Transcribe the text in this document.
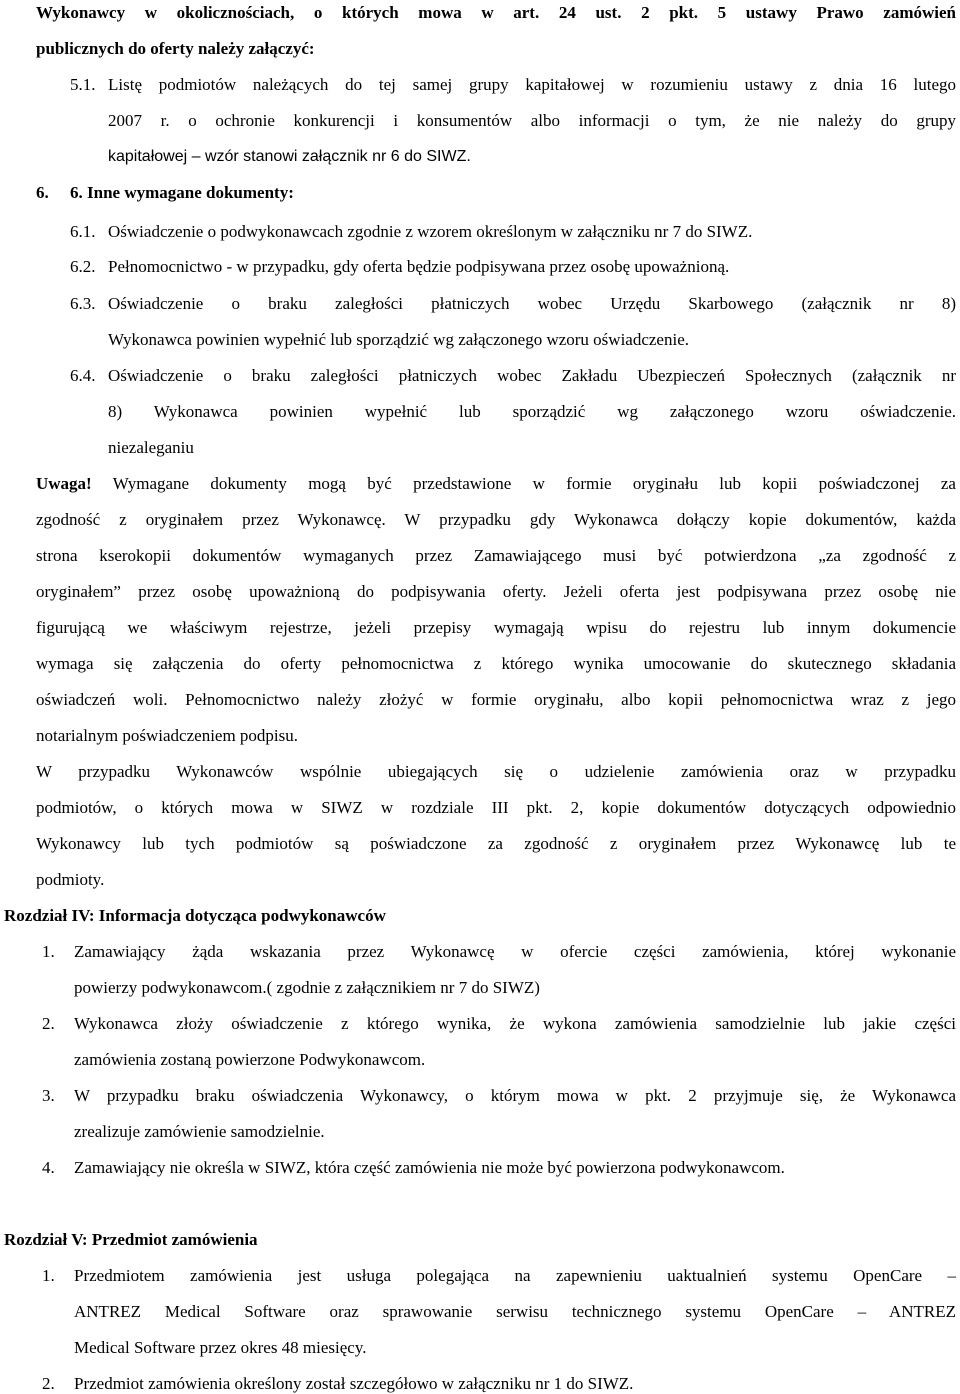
Wykonawcy w okolicznościach, o których mowa w art. 24 ust. 2 pkt. 5 ustawy Prawo zamówień
publicznych do oferty należy załączyć:
5.1. Listę podmiotów należących do tej samej grupy kapitałowej w rozumieniu ustawy z dnia 16 lutego
2007 r. o ochronie konkurencji i konsumentów albo informacji o tym, że nie należy do grupy
kapitałowej – wzór stanowi załącznik nr 6 do SIWZ.
6. 6. Inne wymagane dokumenty:
6.1. Oświadczenie o podwykonawcach zgodnie z wzorem określonym w załączniku nr 7 do SIWZ.
6.2. Pełnomocnictwo - w przypadku, gdy oferta będzie podpisywana przez osobę upoważnioną.
6.3. Oświadczenie o braku zaległości płatniczych wobec Urzędu Skarbowego (załącznik nr 8)
Wykonawca powinien wypełnić lub sporządzić wg załączonego wzoru oświadczenie.
6.4. Oświadczenie o braku zaległości płatniczych wobec Zakładu Ubezpieczeń Społecznych (załącznik nr
8) Wykonawca powinien wypełnić lub sporządzić wg załączonego wzoru oświadczenie.
niezaleganiu
Uwaga! Wymagane dokumenty mogą być przedstawione w formie oryginału lub kopii poświadczonej za
zgodność z oryginałem przez Wykonawcę. W przypadku gdy Wykonawca dołączy kopie dokumentów, każda
strona kserokopii dokumentów wymaganych przez Zamawiającego musi być potwierdzona „za zgodność z
oryginałem” przez osobę upoważnioną do podpisywania oferty. Jeżeli oferta jest podpisywana przez osobę nie
figurującą we właściwym rejestrze, jeżeli przepisy wymagają wpisu do rejestru lub innym dokumencie
wymaga się załączenia do oferty pełnomocnictwa z którego wynika umocowanie do skutecznego składania
oświadczeń woli. Pełnomocnictwo należy złożyć w formie oryginału, albo kopii pełnomocnictwa wraz z jego
notarialnym poświadczeniem podpisu.
W przypadku Wykonawców wspólnie ubiegających się o udzielenie zamówienia oraz w przypadku
podmiotów, o których mowa w SIWZ w rozdziale III pkt. 2, kopie dokumentów dotyczących odpowiednio
Wykonawcy lub tych podmiotów są poświadczone za zgodność z oryginałem przez Wykonawcę lub te
podmioty.
Rozdział IV: Informacja dotycząca podwykonawców
1. Zamawiający żąda wskazania przez Wykonawcę w ofercie części zamówienia, której wykonanie
powierzy podwykonawcom.( zgodnie z załącznikiem nr 7 do SIWZ)
2. Wykonawca złoży oświadczenie z którego wynika, że wykona zamówienia samodzielnie lub jakie części
zamówienia zostaną powierzone Podwykonawcom.
3. W przypadku braku oświadczenia Wykonawcy, o którym mowa w pkt. 2 przyjmuje się, że Wykonawca
zrealizuje zamówienie samodzielnie.
4. Zamawiający nie określa w SIWZ, która część zamówienia nie może być powierzona podwykonawcom.
Rozdział V: Przedmiot zamówienia
1. Przedmiotem zamówienia jest usługa polegająca na zapewnieniu uaktualnień systemu OpenCare –
ANTREZ Medical Software oraz sprawowanie serwisu technicznego systemu OpenCare – ANTREZ
Medical Software przez okres 48 miesięcy.
2. Przedmiot zamówienia określony został szczegółowo w załączniku nr 1 do SIWZ.
